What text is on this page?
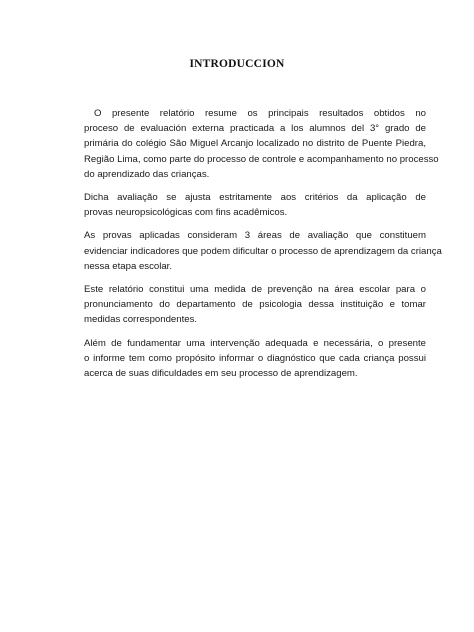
INTRODUCCION

O presente relatório resume os principais resultados obtidos no
proceso de evaluación externa practicada a los alumnos del 3° grado de
primária do colégio São Miguel Arcanjo localizado no distrito de Puente Piedra,
Região Lima, como parte do processo de controle e acompanhamento no processo
do aprendizado das crianças.

Dicha avaliação se ajusta estritamente aos critérios da aplicação de
provas neuropsicológicas com fins acadêmicos.

As provas aplicadas consideram 3 áreas de avaliação que constituem
evidenciar indicadores que podem dificultar o processo de aprendizagem da criança
nessa etapa escolar.

Este relatório constitui uma medida de prevenção na área escolar para o
pronunciamento do departamento de psicologia dessa instituição e tomar
medidas correspondentes.

Além de fundamentar uma intervenção adequada e necessária, o presente
o informe tem como propósito informar o diagnóstico que cada criança possui
acerca de suas dificuldades em seu processo de aprendizagem.
